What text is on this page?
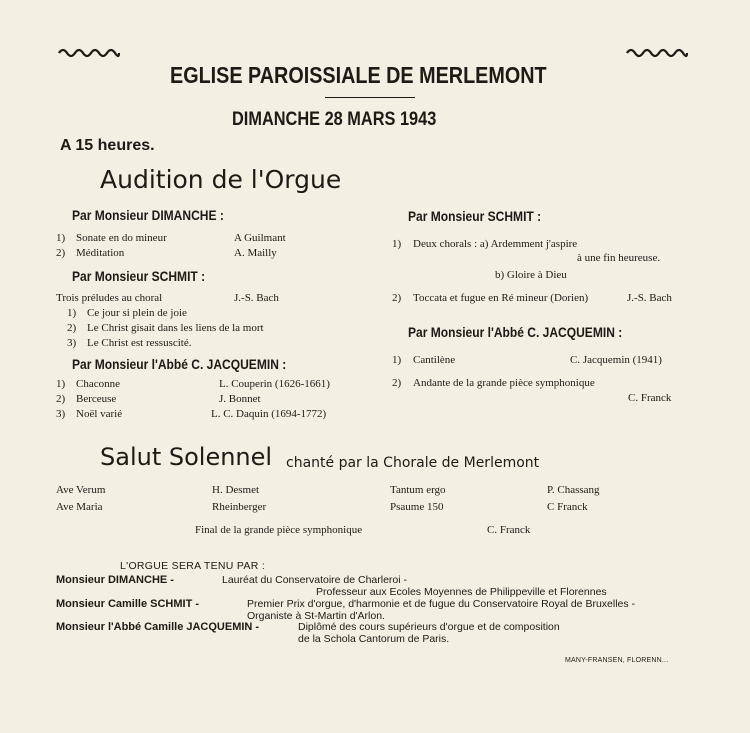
EGLISE PAROISSIALE DE MERLEMONT
DIMANCHE 28 MARS 1943
A 15 heures.
Audition de l'Orgue
Par Monsieur DIMANCHE :
1) Sonate en do mineur	A Guilmant
2) Méditation	A. Mailly
Par Monsieur SCHMIT :
Trois préludes au choral	J.-S. Bach
1) Ce jour si plein de joie
2) Le Christ gisait dans les liens de la mort
3) Le Christ est ressuscité.
Par Monsieur l'Abbé C. JACQUEMIN :
1) Chaconne	L. Couperin (1626-1661)
2) Berceuse	J. Bonnet
3) Noël varié	L. C. Daquin (1694-1772)
Par Monsieur SCHMIT :
1) Deux chorals : a) Ardemment j'aspire
à une fin heureuse.
b) Gloire à Dieu
2) Toccata et fugue en Ré mineur (Dorien)	J.-S. Bach
Par Monsieur l'Abbé C. JACQUEMIN :
1) Cantilène	C. Jacquemin (1941)
2) Andante de la grande pièce symphonique
C. Franck
Salut Solennel chanté par la Chorale de Merlemont
Ave Verum	H. Desmet	Tantum ergo	P. Chassang
Ave Maria	Rheinberger	Psaume 150	C Franck
Final de la grande pièce symphonique	C. Franck
L'ORGUE SERA TENU PAR :
Monsieur DIMANCHE -	Lauréat du Conservatoire de Charleroi -
Professeur aux Ecoles Moyennes de Philippeville et Florennes
Monsieur Camille SCHMIT -	Premier Prix d'orgue, d'harmonie et de fugue du Conservatoire Royal de Bruxelles -
Organiste à St-Martin d'Arlon.
Monsieur l'Abbé Camille JACQUEMIN -	Diplômé des cours supérieurs d'orgue et de composition
de la Schola Cantorum de Paris.
MANY-FRANSEN, FLORENN...
